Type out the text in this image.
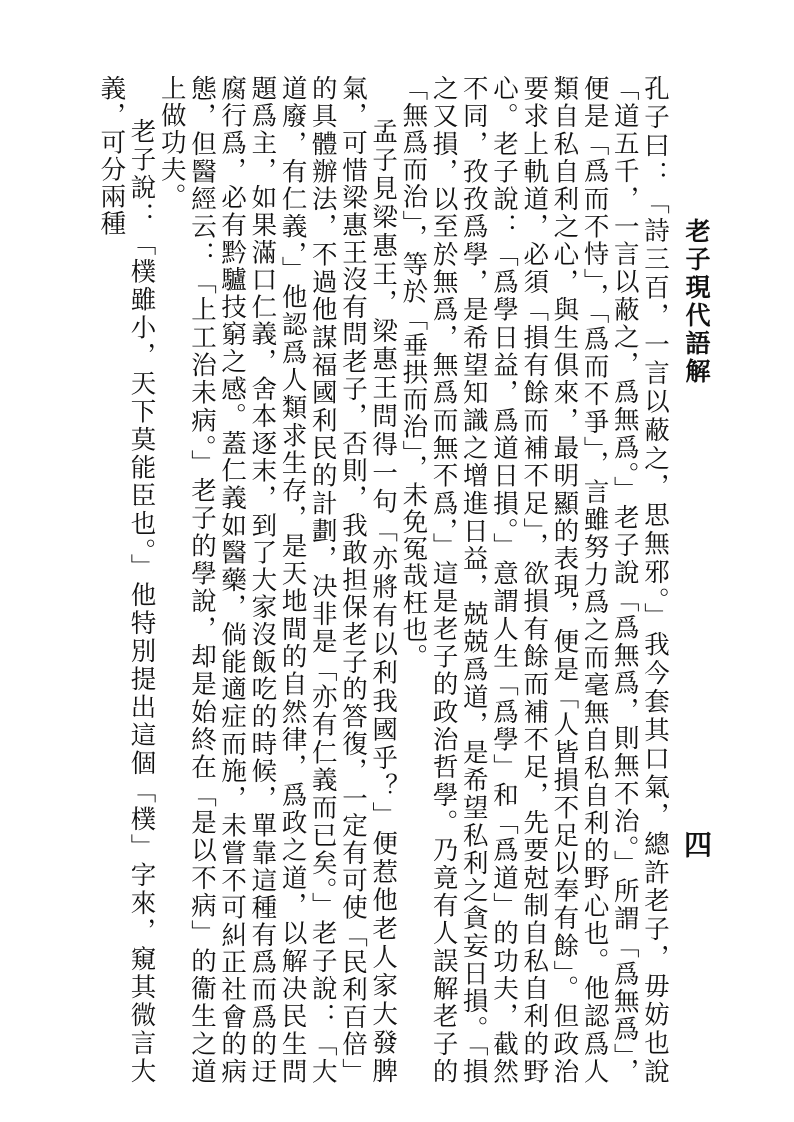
老子現代語解
四

孔子曰：「詩三百，一言以蔽之，思無邪。」我今套其口氣，總許老子，毋妨也說「道五千，一言以蔽之，爲無爲。」老子說「爲無爲，則無不治。」所謂「爲無爲」，便是「爲而不恃」，「爲而不爭」，言雖努力爲之而毫無自私自利的野心也。他認爲人類自私自利之心，與生俱來，最明顯的表現，便是「人皆損不足以奉有餘」。但政治要求上軌道，必須「損有餘而補不足」，欲損有餘而補不足，先要尅制自私自利的野心。老子說：「爲學日益，爲道日損。」意謂人生「爲學」和「爲道」的功夫，截然不同，孜孜爲學，是希望知識之增進日益，兢兢爲道，是希望私利之貪妄日損。「損之又損，以至於無爲，無爲而無不爲，」這是老子的政治哲學。乃竟有人誤解老子的「無爲而治」，等於「垂拱而治」，未免冤哉枉也。

孟子見梁惠王，梁惠王問得一句「亦將有以利我國乎？」便惹他老人家大發脾氣，可惜梁惠王沒有問老子，否則，我敢担保老子的答復，一定有可使「民利百倍」的具體辦法，不過他謀福國利民的計劃，决非是「亦有仁義而已矣。」老子說：「大道廢，有仁義，」他認爲人類求生存，是天地間的自然律，爲政之道，以解决民生問題爲主，如果滿口仁義，舍本逐末，到了大家沒飯吃的時候，單靠這種有爲而爲的迂腐行爲，必有黔驢技窮之感。蓋仁義如醫藥，倘能適症而施，未嘗不可糾正社會的病態，但醫經云：「上工治未病。」老子的學說，却是始終在「是以不病」的衞生之道上做功夫。

老子說：「樸雖小，天下莫能臣也。」他特別提出這個「樸」字來，窺其微言大義，可分兩種
